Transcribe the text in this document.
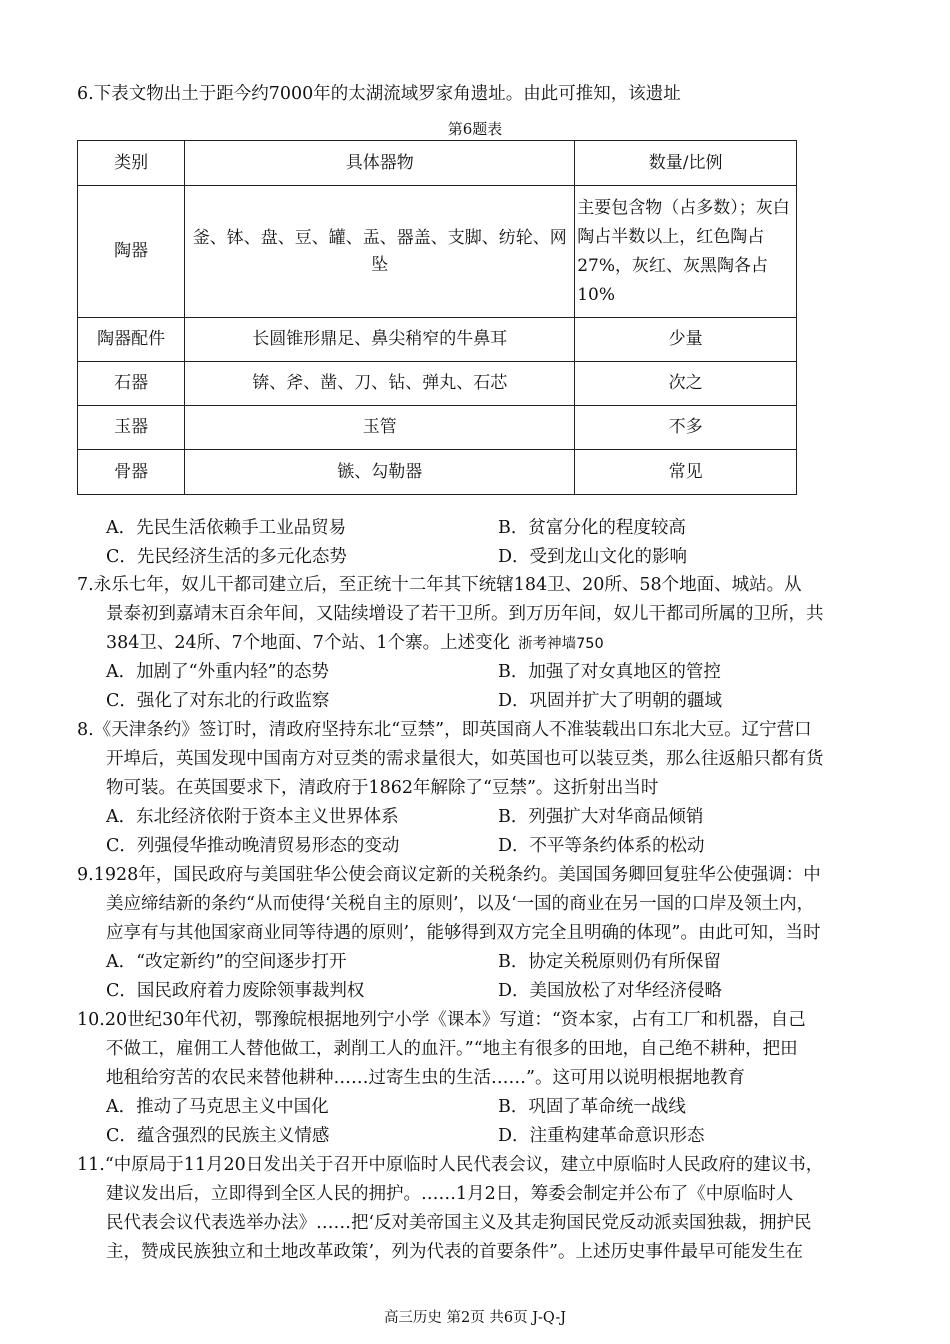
6.下表文物出土于距今约7000年的太湖流域罗家角遗址。由此可推知，该遗址
第6题表
类别	具体器物	数量/比例
陶器	釜、钵、盘、豆、罐、盂、器盖、支脚、纺轮、网坠	主要包含物（占多数）；灰白陶占半数以上，红色陶占27%，灰红、灰黑陶各占10%
陶器配件	长圆锥形鼎足、鼻尖稍窄的牛鼻耳	少量
石器	锛、斧、凿、刀、钻、弹丸、石芯	次之
玉器	玉管	不多
骨器	镞、勾勒器	常见
A．先民生活依赖手工业品贸易	B．贫富分化的程度较高
C．先民经济生活的多元化态势	D．受到龙山文化的影响
7.永乐七年，奴儿干都司建立后，至正统十二年其下统辖184卫、20所、58个地面、城站。从
景泰初到嘉靖末百余年间，又陆续增设了若干卫所。到万历年间，奴儿干都司所属的卫所，共
384卫、24所、7个地面、7个站、1个寨。上述变化 浙考神墙750
A．加剧了“外重内轻”的态势	B．加强了对女真地区的管控
C．强化了对东北的行政监察	D．巩固并扩大了明朝的疆域
8.《天津条约》签订时，清政府坚持东北“豆禁”，即英国商人不准装载出口东北大豆。辽宁营口
开埠后，英国发现中国南方对豆类的需求量很大，如英国也可以装豆类，那么往返船只都有货
物可装。在英国要求下，清政府于1862年解除了“豆禁”。这折射出当时
A．东北经济依附于资本主义世界体系	B．列强扩大对华商品倾销
C．列强侵华推动晚清贸易形态的变动	D．不平等条约体系的松动
9.1928年，国民政府与美国驻华公使会商议定新的关税条约。美国国务卿回复驻华公使强调：中
美应缔结新的条约“从而使得‘关税自主的原则’，以及‘一国的商业在另一国的口岸及领土内，
应享有与其他国家商业同等待遇的原则’，能够得到双方完全且明确的体现”。由此可知，当时
A．“改定新约”的空间逐步打开	B．协定关税原则仍有所保留
C．国民政府着力废除领事裁判权	D．美国放松了对华经济侵略
10.20世纪30年代初，鄂豫皖根据地列宁小学《课本》写道：“资本家，占有工厂和机器，自己
不做工，雇佣工人替他做工，剥削工人的血汗。”“地主有很多的田地，自己绝不耕种，把田
地租给穷苦的农民来替他耕种……过寄生虫的生活……”。这可用以说明根据地教育
A．推动了马克思主义中国化	B．巩固了革命统一战线
C．蕴含强烈的民族主义情感	D．注重构建革命意识形态
11.“中原局于11月20日发出关于召开中原临时人民代表会议，建立中原临时人民政府的建议书，
建议发出后，立即得到全区人民的拥护。……1月2日，筹委会制定并公布了《中原临时人
民代表会议代表选举办法》……把‘反对美帝国主义及其走狗国民党反动派卖国独裁，拥护民
主，赞成民族独立和土地改革政策’，列为代表的首要条件”。上述历史事件最早可能发生在
高三历史 第2页 共6页 J-Q-J
